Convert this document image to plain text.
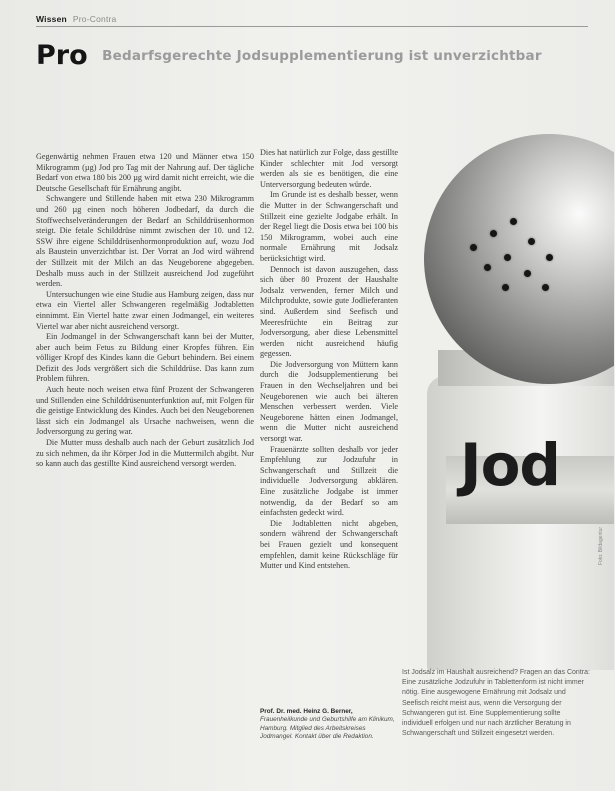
Wissen Pro-Contra
Pro Bedarfsgerechte Jodsupplementierung ist unverzichtbar

Gegenwärtig nehmen Frauen etwa 120 und Männer etwa 150 Mikrogramm (µg) Jod pro Tag mit der Nahrung auf. Der tägliche Bedarf von etwa 180 bis 200 µg wird damit nicht erreicht, wie die Deutsche Gesellschaft für Ernährung angibt.

Schwangere und Stillende haben mit etwa 230 Mikrogramm und 260 µg einen noch höheren Jodbedarf, da durch die Stoffwechselveränderungen der Bedarf an Schilddrüsenhormon steigt. Die fetale Schilddrüse nimmt zwischen der 10. und 12. SSW ihre eigene Schilddrüsenhormonproduktion auf, wozu Jod als Baustein unverzichtbar ist. Der Vorrat an Jod wird während der Stillzeit mit der Milch an das Neugeborene abgegeben. Deshalb muss auch in der Stillzeit ausreichend Jod zugeführt werden.

Untersuchungen wie eine Studie aus Hamburg zeigen, dass nur etwa ein Viertel aller Schwangeren regelmäßig Jodtabletten einnimmt. Ein Viertel hatte zwar einen Jodmangel, ein weiteres Viertel war aber nicht ausreichend versorgt.

Ein Jodmangel in der Schwangerschaft kann bei der Mutter, aber auch beim Fetus zu Bildung einer Kropfes führen. Ein völliger Kropf des Kindes kann die Geburt behindern. Bei einem Defizit des Jods vergrößert sich die Schilddrüse. Das kann zum Problem führen.

Auch heute noch weisen etwa fünf Prozent der Schwangeren und Stillenden eine Schilddrüsenunterfunktion auf, mit Folgen für die geistige Entwicklung des Kindes. Auch bei den Neugeborenen lässt sich ein Jodmangel als Ursache nachweisen, wenn die Jodversorgung zu gering war.

Die Mutter muss deshalb auch nach der Geburt zusätzlich Jod zu sich nehmen, da ihr Körper Jod in die Muttermilch abgibt. Nur so kann auch das gestillte Kind ausreichend versorgt werden.

Dies hat natürlich zur Folge, dass gestillte Kinder schlechter mit Jod versorgt werden als sie es benötigen, die eine Unterversorgung bedeuten würde.

Im Grunde ist es deshalb besser, wenn die Mutter in der Schwangerschaft und Stillzeit eine gezielte Jodgabe erhält. In der Regel liegt die Dosis etwa bei 100 bis 150 Mikrogramm, wobei auch eine normale Ernährung mit Jodsalz berücksichtigt wird.

Dennoch ist davon auszugehen, dass sich über 80 Prozent der Haushalte Jodsalz verwenden, ferner Milch und Milchprodukte, sowie gute Jodlieferanten sind. Außerdem sind Seefisch und Meeresfrüchte ein Beitrag zur Jodversorgung, aber diese Lebensmittel werden nicht ausreichend häufig gegessen.

Die Jodversorgung von Müttern kann durch die Jodsupplementierung bei Frauen in den Wechseljahren und bei Neugeborenen wie auch bei älteren Menschen verbessert werden. Viele Neugeborene hätten einen Jodmangel, wenn die Mutter nicht ausreichend versorgt war.

Frauenärzte sollten deshalb vor jeder Empfehlung zur Jodzufuhr in Schwangerschaft und Stillzeit die individuelle Jodversorgung abklären. Eine zusätzliche Jodgabe ist immer notwendig, da der Bedarf so am einfachsten gedeckt wird.

Die Jodtabletten nicht abgeben, sondern während der Schwangerschaft bei Frauen gezielt und konsequent empfehlen, damit keine Rückschläge für Mutter und Kind entstehen.

Jod
Foto: Bildagentur
Prof. Dr. med. Heinz G. Berner, Frauenheilkunde und Geburtshilfe am Klinikum, Hamburg. Mitglied des Arbeitskreises Jodmangel. Kontakt über die Redaktion.
Ist Jodsalz im Haushalt ausreichend? Fragen an das Contra: Eine zusätzliche Jodzufuhr in Tablettenform ist nicht immer nötig. Eine ausgewogene Ernährung mit Jodsalz und Seefisch reicht meist aus, wenn die Versorgung der Schwangeren gut ist. Eine Supplementierung sollte individuell erfolgen und nur nach ärztlicher Beratung in Schwangerschaft und Stillzeit eingesetzt werden.
